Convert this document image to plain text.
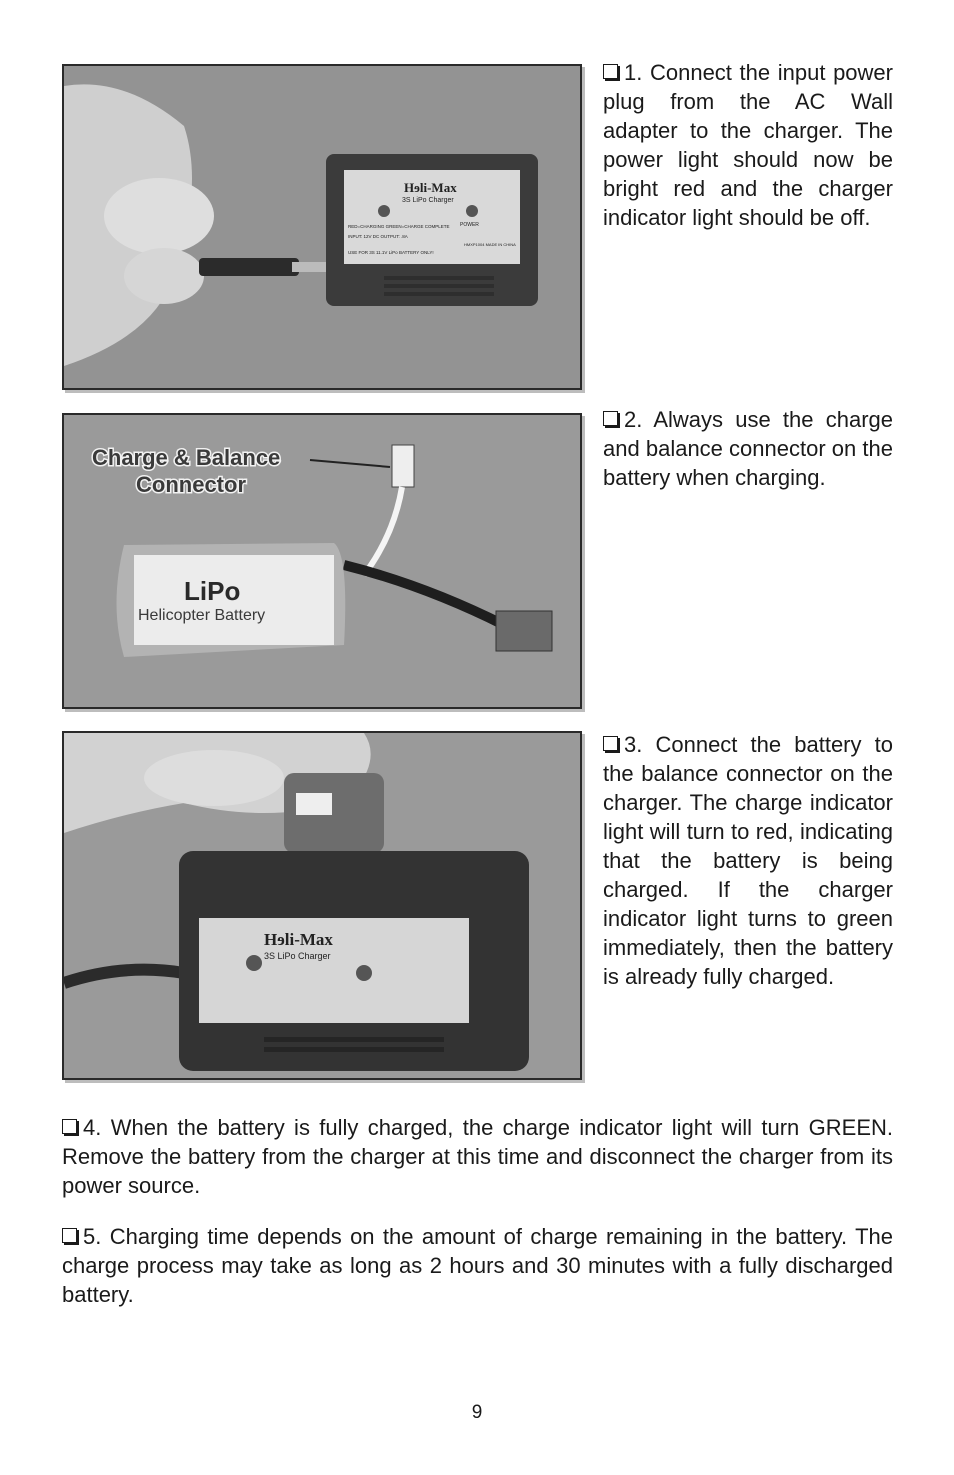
Hɘli-Max
3S LiPo Charger
POWER
RED=CHARGING GREEN=CHARGE COMPLETE
INPUT: 12V DC OUTPUT: .8A
USE FOR 3S 11.1V LiPo BATTERY ONLY!
HMXP1004 MADE IN CHINA
1. Connect the input power plug from the AC Wall adapter to the charger. The power light should now be bright red and the charger indicator light should be off.
Charge & Balance
Connector
LiPo
Helicopter Battery
2. Always use the charge and balance connector on the battery when charging.
Hɘli-Max
3S LiPo Charger
3. Connect the battery to the balance connector on the charger. The charge indicator light will turn to red, indicating that the battery is being charged. If the charger indicator light turns to green immediately, then the battery is already fully charged.
4. When the battery is fully charged, the charge indicator light will turn GREEN. Remove the battery from the charger at this time and disconnect the charger from its power source.
5. Charging time depends on the amount of charge remaining in the battery. The charge process may take as long as 2 hours and 30 minutes with a fully discharged battery.
9
